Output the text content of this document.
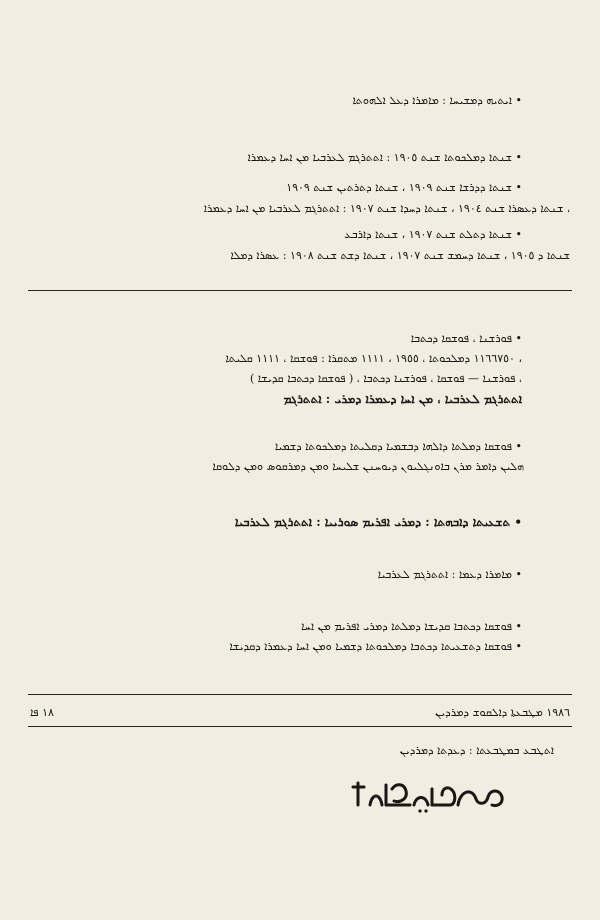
• ܐܝܬܝܗ ܕܡܫܝܚܐ : ܡܐܡܪܐ ܕܥܠ ܐܠܗܘܬܐ
• ܫܢܬܐ ܕܡܠܟܘܬܐ ܫܢܬ ١٩٠٥ : ܐܬܬܪܓܡ ܠܥܪܒܝܐ ܡܢ ܐܚܐ ܕܥܡܪܐ
• ܫܢܬܐ ܕܕܪܫܐ ܫܢܬ ١٩٠٩ ، ܫܢܬܐ ܕܬܪܬܝܢ ܫܢܬ ١٩٠٩
، ܫܢܬܐ ܕܥܣܪܐ ܫܢܬ ١٩٠٤ ، ܫܢܬܐ ܕܚܕܐ ܫܢܬ ١٩٠٧ : ܐܬܬܪܓܡ ܠܥܪܒܝܐ ܡܢ ܐܚܐ ܕܥܡܪܐ
• ܫܢܬܐ ܕܬܠܬ ܫܢܬ ١٩٠٧ ، ܫܢܬܐ ܕܐܪܒܥ
ܫܢܬܐ ܕ ١٩٠٥ ، ܫܢܬܐ ܕܚܡܫ ܫܢܬ ١٩٠٧ ، ܫܢܬܐ ܕܫܬ ܫܢܬ ١٩٠٨ : ܥܣܪܐ ܕܡܠܐ
• ܦܘܪܫܢܐ ، ܦܘܫܩܐ ܕܟܬܒܐ
، ١١٦٦٧٥٠ ܕܡܠܟܘܬܐ ، ١٩٥٥ ، ١١١١ ܡܬܩܪܐ : ܦܘܫܩܐ ، ١١١١ ܩܠܝܬܐ
، ܦܘܪܫܢܐ — ܦܘܫܩܐ ، ܦܘܪܫܢܐ ܕܟܬܒܐ ، ( ܦܘܫܩܐ ܕܟܬܒܐ ܩܕܝܫܐ )
ܐܬܬܪܓܡ ܠܥܪܒܝܐ ، ܡܢ ܐܚܐ ܕܥܡܪܐ ܕܡܪܝ : ܐܬܬܪܓܡ
• ܦܘܫܩܐ ܕܡܠܬܐ ܕܐܠܗܐ ܕܒܫܡܝܐ ܕܩܠܝܬܐ ܕܡܠܟܘܬܐ ܕܫܡܝܐ
ܗܠܝܢ ܕܐܡܪ ܡܪܢ ܒܐܘܢܓܠܝܘܢ ܕܝܘܚܢܢ ܫܠܝܚܐ ܘܡܢ ܕܡܪܩܘܣ ܘܡܢ ܕܠܘܩܐ
• ܬܫܥܝܬܐ ܕܐܒܗܬܐ : ܕܡܪܝ ܐܦܪܝܡ ܣܘܪܝܝܐ : ܐܬܬܪܓܡ ܠܥܪܒܝܐ
• ܡܐܡܪܐ ܕܥܡܐ : ܐܬܬܪܓܡ ܠܥܪܒܝܐ
• ܦܘܫܩܐ ܕܟܬܒܐ ܩܕܝܫܐ ܕܡܠܬܐ ܕܡܪܝ ܐܦܪܝܡ ܡܢ ܐܚܐ
• ܦܘܫܩܐ ܕܬܫܥܝܬܐ ܕܟܬܒܐ ܕܡܠܟܘܬܐ ܕܫܡܝܐ ܘܡܢ ܐܚܐ ܕܥܡܪܐ ܕܩܕܝܫܐ
١٩٨٦ ܡܛܒܥܬܐ ܕܐܠܩܘܫ ܕܡܪܕܝܢ
١٨ ܦܐ
ܐܬܛܒܥ ܒܡܛܒܥܬܐ : ܕܥܕܬܐ ܕܡܪܕܝܢ
